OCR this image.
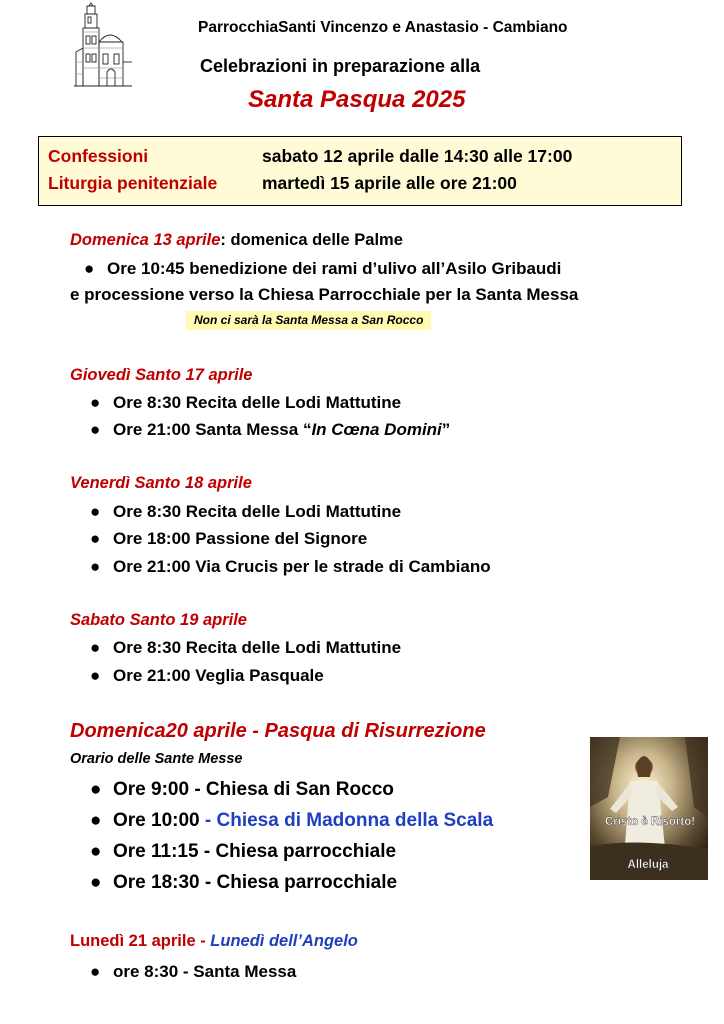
ParrocchiaSanti Vincenzo e Anastasio - Cambiano
Celebrazioni in preparazione alla
Santa Pasqua 2025
Confessioni	sabato 12 aprile dalle 14:30 alle 17:00
Liturgia penitenziale	martedì 15 aprile alle ore 21:00
Domenica 13 aprile: domenica delle Palme
● Ore 10:45 benedizione dei rami d’ulivo all’Asilo Gribaudi
e processione verso la Chiesa Parrocchiale per la Santa Messa
Non ci sarà la Santa Messa a San Rocco
Giovedì Santo 17 aprile
● Ore 8:30 Recita delle Lodi Mattutine
● Ore 21:00 Santa Messa “In Cœna Domini”
Venerdì Santo 18 aprile
● Ore 8:30 Recita delle Lodi Mattutine
● Ore 18:00 Passione del Signore
● Ore 21:00 Via Crucis per le strade di Cambiano
Sabato Santo 19 aprile
● Ore 8:30 Recita delle Lodi Mattutine
● Ore 21:00 Veglia Pasquale
Domenica20 aprile - Pasqua di Risurrezione
Orario delle Sante Messe
● Ore 9:00 - Chiesa di San Rocco
● Ore 10:00 - Chiesa di Madonna della Scala
● Ore 11:15 - Chiesa parrocchiale
● Ore 18:30 - Chiesa parrocchiale
Cristo è Risorto!
Alleluja
Lunedì 21 aprile - Lunedì dell’Angelo
● ore 8:30 - Santa Messa
